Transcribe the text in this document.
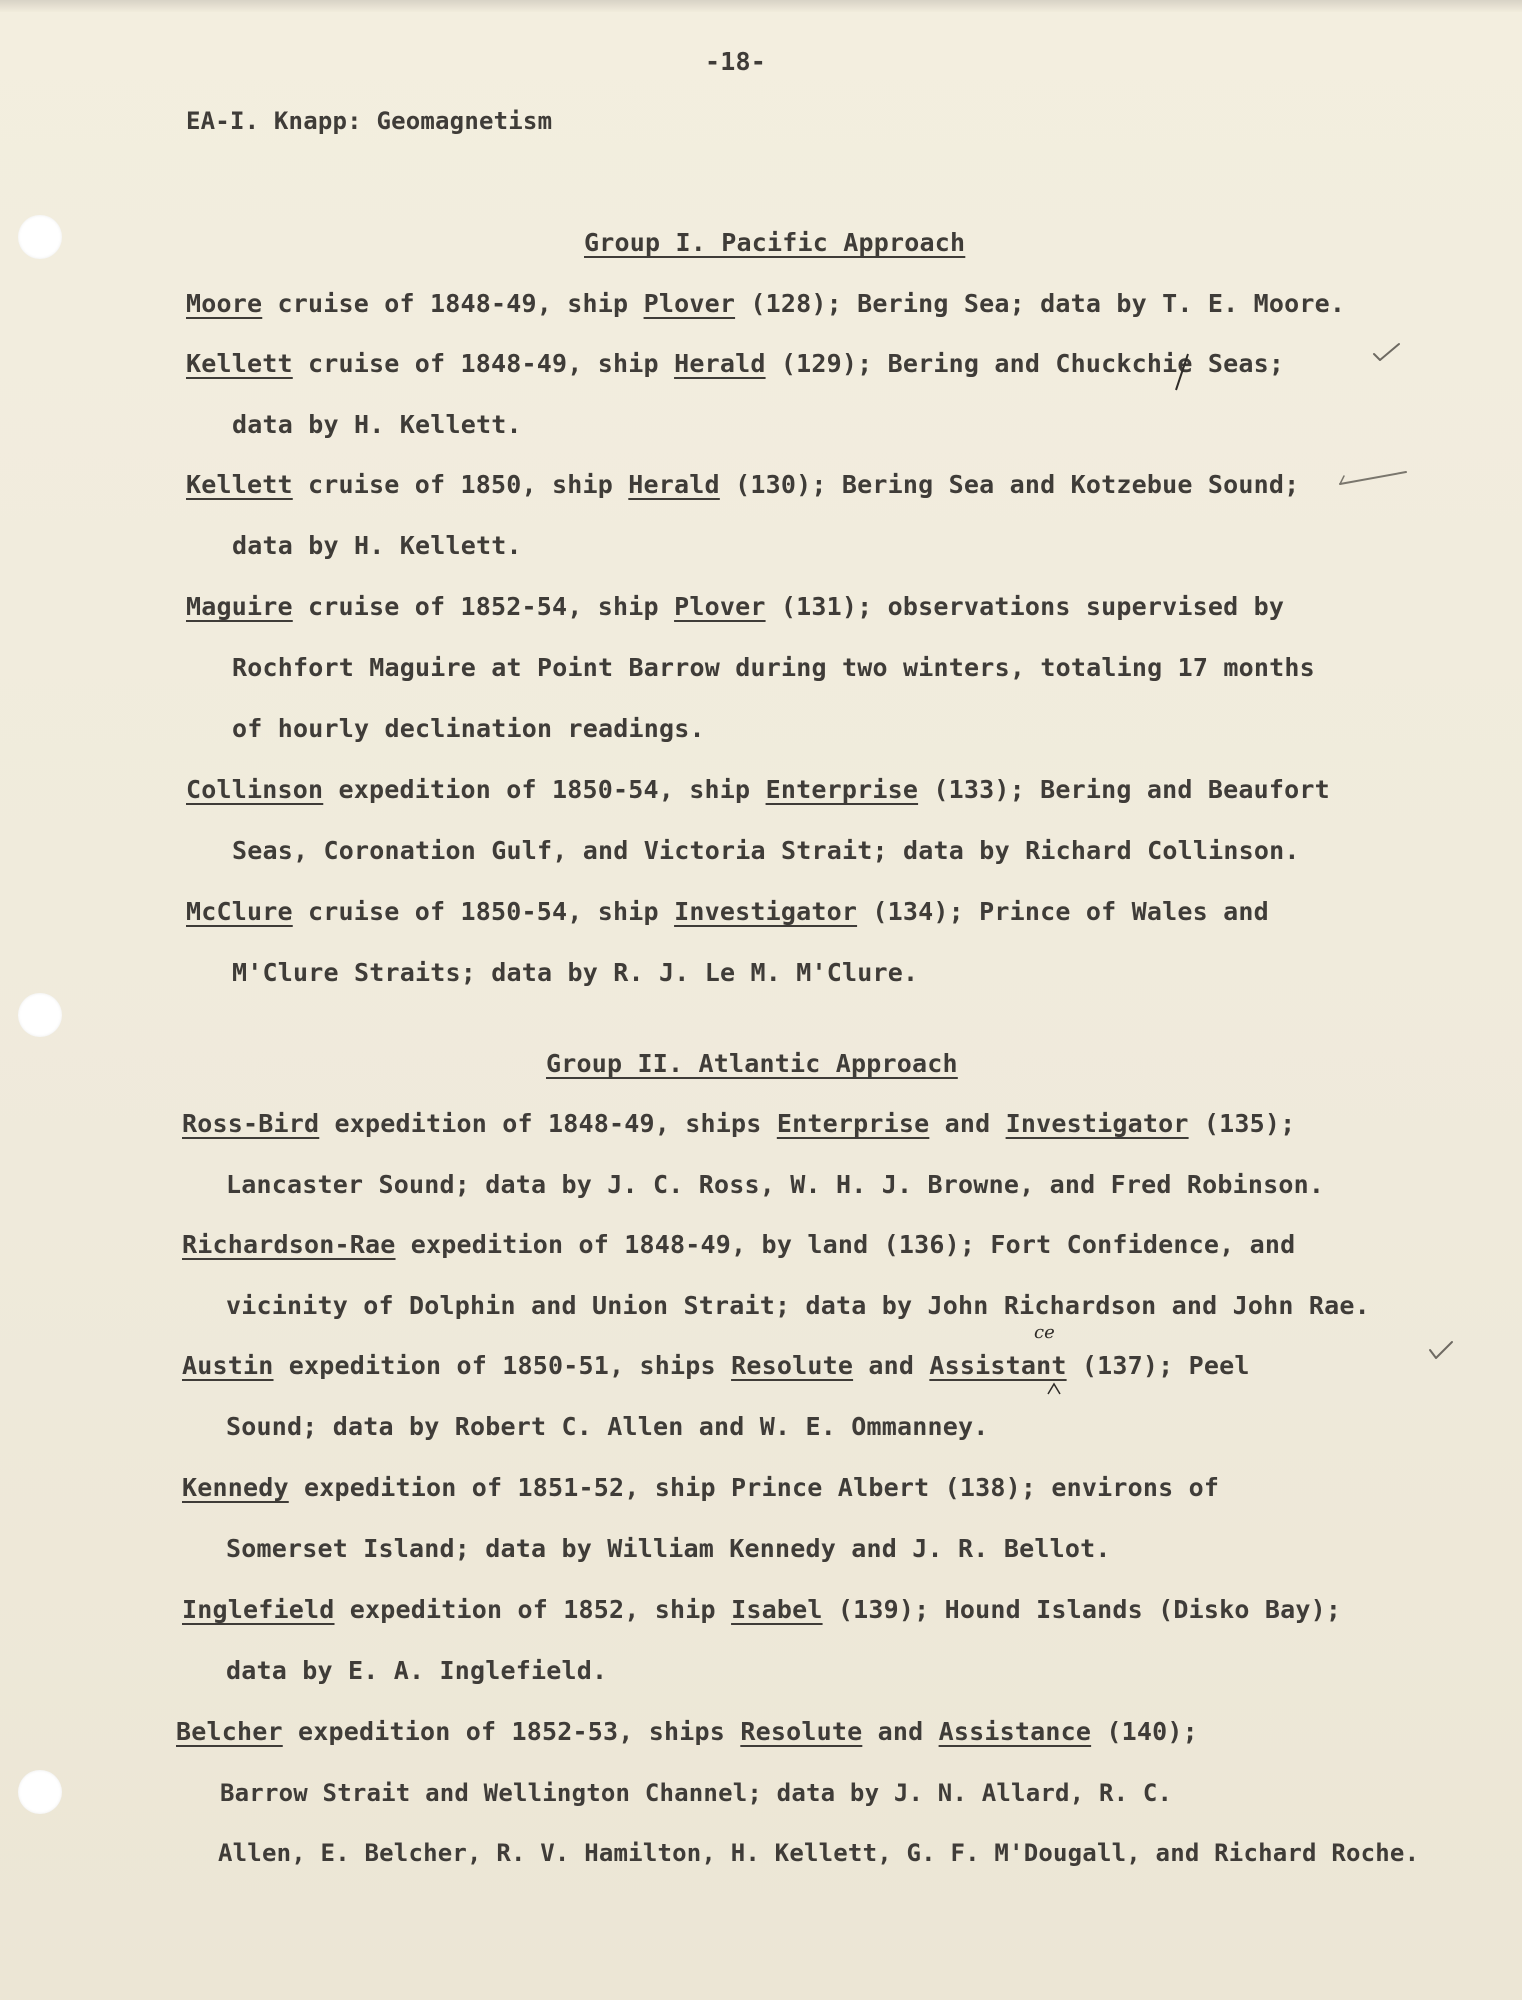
-18-
EA-I. Knapp: Geomagnetism
Group I. Pacific Approach
Moore cruise of 1848-49, ship Plover (128); Bering Sea; data by T. E. Moore.
Kellett cruise of 1848-49, ship Herald (129); Bering and Chuckchie Seas;
data by H. Kellett.
Kellett cruise of 1850, ship Herald (130); Bering Sea and Kotzebue Sound;
data by H. Kellett.
Maguire cruise of 1852-54, ship Plover (131); observations supervised by
Rochfort Maguire at Point Barrow during two winters, totaling 17 months
of hourly declination readings.
Collinson expedition of 1850-54, ship Enterprise (133); Bering and Beaufort
Seas, Coronation Gulf, and Victoria Strait; data by Richard Collinson.
McClure cruise of 1850-54, ship Investigator (134); Prince of Wales and
M'Clure Straits; data by R. J. Le M. M'Clure.
Group II. Atlantic Approach
Ross-Bird expedition of 1848-49, ships Enterprise and Investigator (135);
Lancaster Sound; data by J. C. Ross, W. H. J. Browne, and Fred Robinson.
Richardson-Rae expedition of 1848-49, by land (136); Fort Confidence, and
vicinity of Dolphin and Union Strait; data by John Richardson and John Rae.
Austin expedition of 1850-51, ships Resolute and Assistant (137); Peel
Sound; data by Robert C. Allen and W. E. Ommanney.
Kennedy expedition of 1851-52, ship Prince Albert (138); environs of
Somerset Island; data by William Kennedy and J. R. Bellot.
Inglefield expedition of 1852, ship Isabel (139); Hound Islands (Disko Bay);
data by E. A. Inglefield.
Belcher expedition of 1852-53, ships Resolute and Assistance (140);
Barrow Strait and Wellington Channel; data by J. N. Allard, R. C.
Allen, E. Belcher, R. V. Hamilton, H. Kellett, G. F. M'Dougall, and Richard Roche.
ce
